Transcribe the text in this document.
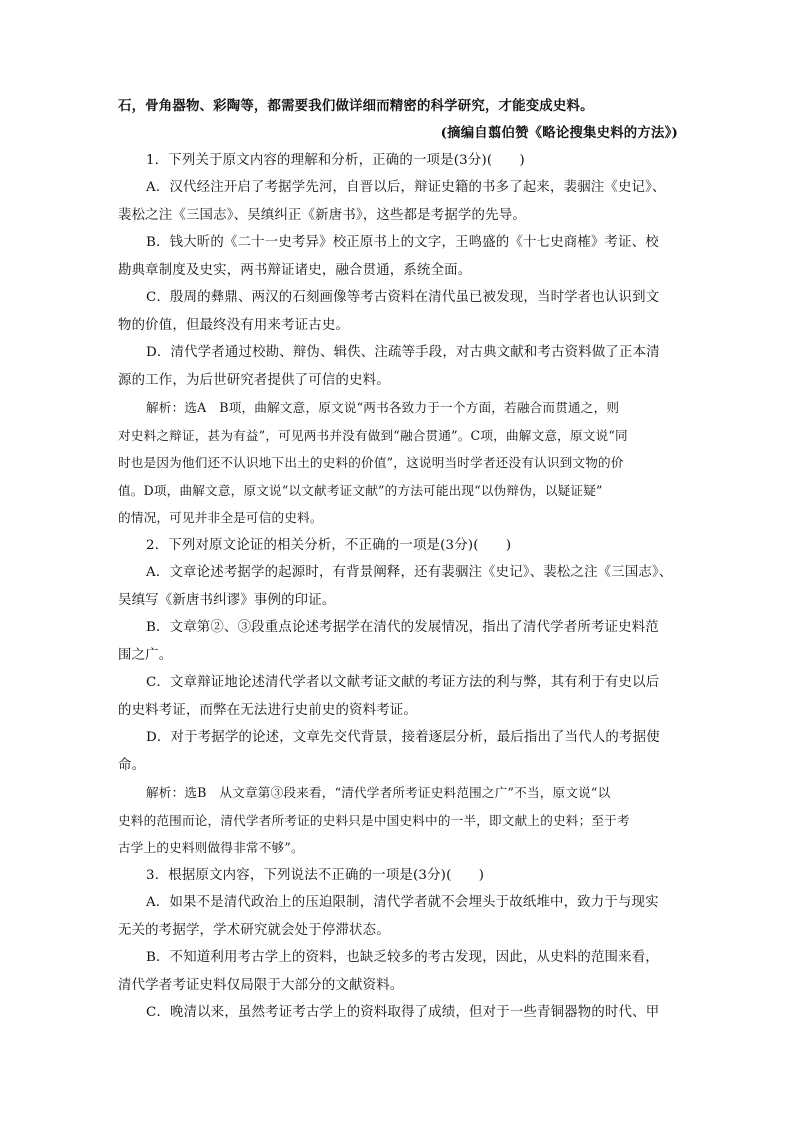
石，骨角器物、彩陶等，都需要我们做详细而精密的科学研究，才能变成史料。
(摘编自翦伯赞《略论搜集史料的方法》)
1．下列关于原文内容的理解和分析，正确的一项是(3分)(　　)
A．汉代经注开启了考据学先河，自晋以后，辩证史籍的书多了起来，裴骃注《史记》、
裴松之注《三国志》、吴缜纠正《新唐书》，这些都是考据学的先导。
B．钱大昕的《二十一史考异》校正原书上的文字，王鸣盛的《十七史商榷》考证、校
勘典章制度及史实，两书辩证诸史，融合贯通，系统全面。
C．殷周的彝鼎、两汉的石刻画像等考古资料在清代虽已被发现，当时学者也认识到文
物的价值，但最终没有用来考证古史。
D．清代学者通过校勘、辩伪、辑佚、注疏等手段，对古典文献和考古资料做了正本清
源的工作，为后世研究者提供了可信的史料。
解析：选A　B项，曲解文意，原文说“两书各致力于一个方面，若融合而贯通之，则
对史料之辩证，甚为有益”，可见两书并没有做到“融合贯通”。C项，曲解文意，原文说“同
时也是因为他们还不认识地下出土的史料的价值”，这说明当时学者还没有认识到文物的价
值。D项，曲解文意，原文说“以文献考证文献”的方法可能出现“以伪辩伪，以疑证疑”
的情况，可见并非全是可信的史料。
2．下列对原文论证的相关分析，不正确的一项是(3分)(　　)
A．文章论述考据学的起源时，有背景阐释，还有裴骃注《史记》、裴松之注《三国志》、
吴缜写《新唐书纠谬》事例的印证。
B．文章第②、③段重点论述考据学在清代的发展情况，指出了清代学者所考证史料范
围之广。
C．文章辩证地论述清代学者以文献考证文献的考证方法的利与弊，其有利于有史以后
的史料考证，而弊在无法进行史前史的资料考证。
D．对于考据学的论述，文章先交代背景，接着逐层分析，最后指出了当代人的考据使
命。
解析：选B　从文章第③段来看，“清代学者所考证史料范围之广”不当，原文说“以
史料的范围而论，清代学者所考证的史料只是中国史料中的一半，即文献上的史料；至于考
古学上的史料则做得非常不够”。
3．根据原文内容，下列说法不正确的一项是(3分)(　　)
A．如果不是清代政治上的压迫限制，清代学者就不会埋头于故纸堆中，致力于与现实
无关的考据学，学术研究就会处于停滞状态。
B．不知道利用考古学上的资料，也缺乏较多的考古发现，因此，从史料的范围来看，
清代学者考证史料仅局限于大部分的文献资料。
C．晚清以来，虽然考证考古学上的资料取得了成绩，但对于一些青铜器物的时代、甲
